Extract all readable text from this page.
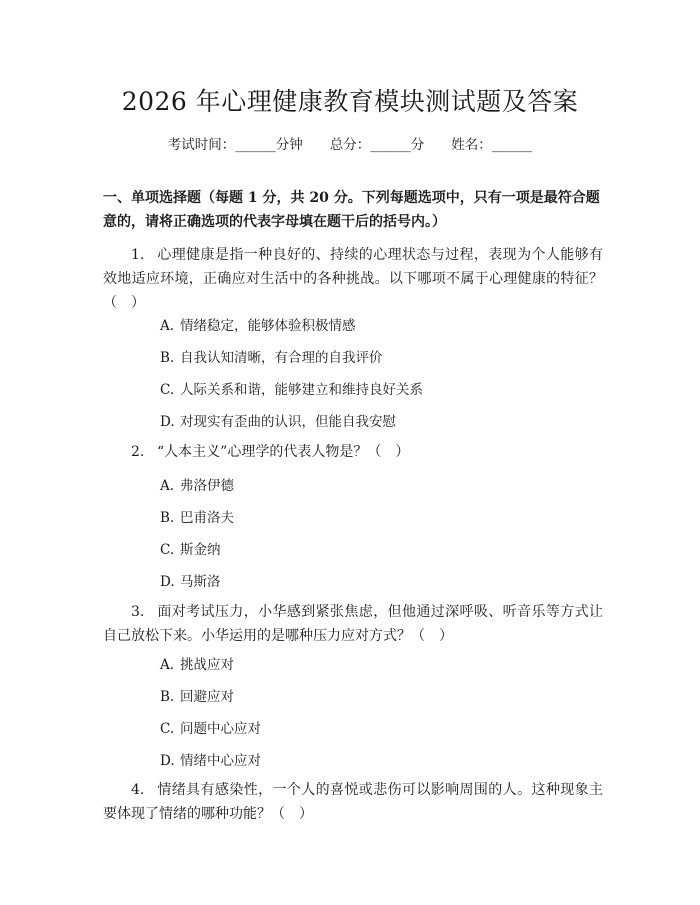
2026 年心理健康教育模块测试题及答案
考试时间：______分钟　　总分：______分　　姓名：______
一、单项选择题（每题 1 分，共 20 分。下列每题选项中，只有一项是最符合题意的，请将正确选项的代表字母填在题干后的括号内。）
1. 心理健康是指一种良好的、持续的心理状态与过程，表现为个人能够有效地适应环境，正确应对生活中的各种挑战。以下哪项不属于心理健康的特征？（　）
A. 情绪稳定，能够体验积极情感
B. 自我认知清晰，有合理的自我评价
C. 人际关系和谐，能够建立和维持良好关系
D. 对现实有歪曲的认识，但能自我安慰
2. “人本主义”心理学的代表人物是？（　）
A. 弗洛伊德
B. 巴甫洛夫
C. 斯金纳
D. 马斯洛
3. 面对考试压力，小华感到紧张焦虑，但他通过深呼吸、听音乐等方式让自己放松下来。小华运用的是哪种压力应对方式？（　）
A. 挑战应对
B. 回避应对
C. 问题中心应对
D. 情绪中心应对
4. 情绪具有感染性，一个人的喜悦或悲伤可以影响周围的人。这种现象主要体现了情绪的哪种功能？（　）
